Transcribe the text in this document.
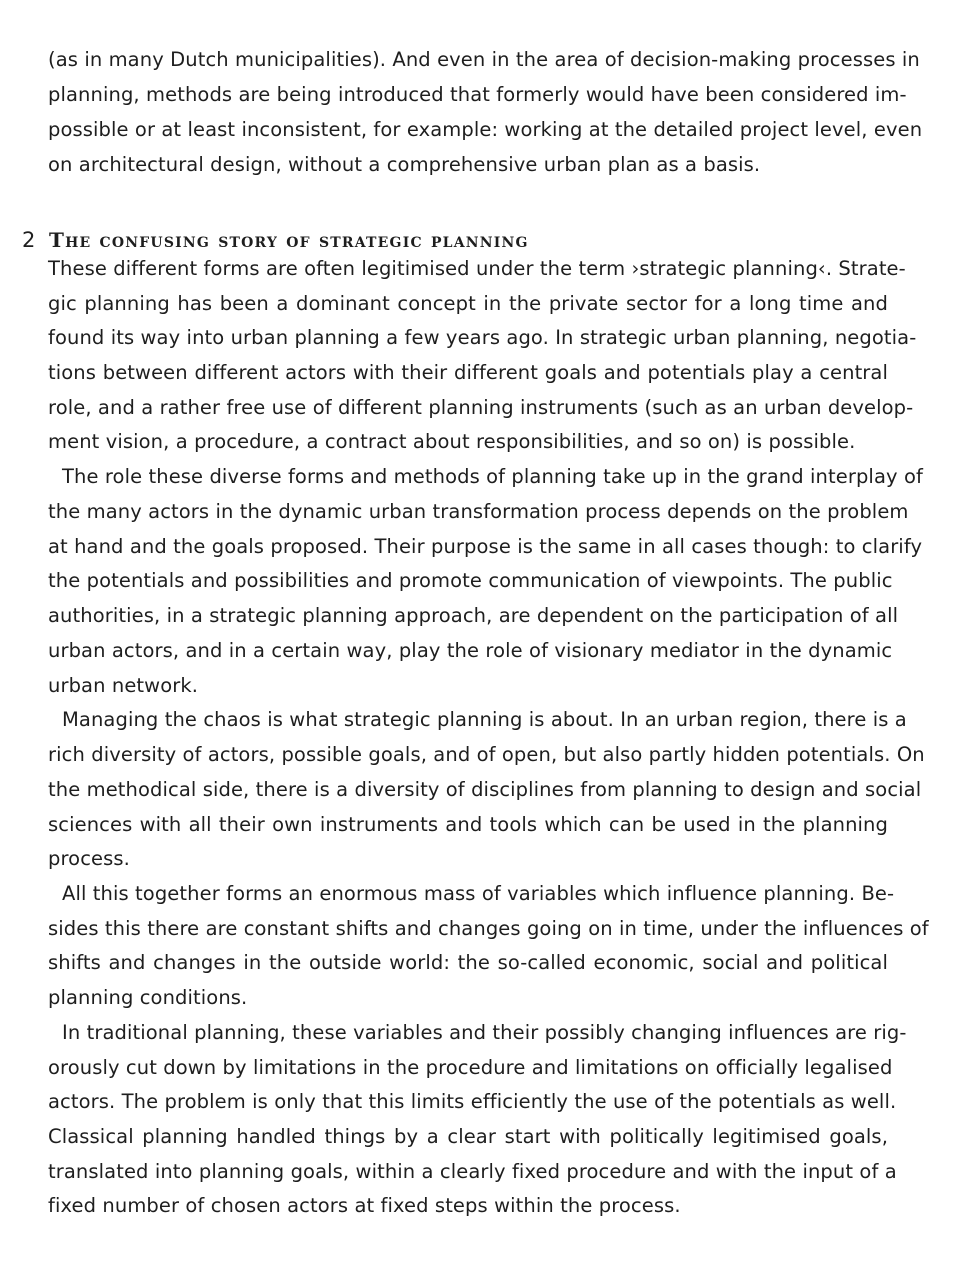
(as in many Dutch municipalities). And even in the area of decision-making processes in
planning, methods are being introduced that formerly would have been considered im-
possible or at least inconsistent, for example: working at the detailed project level, even
on architectural design, without a comprehensive urban plan as a basis.
2 The confusing story of strategic planning
These different forms are often legitimised under the term ›strategic planning‹. Strate-
gic planning has been a dominant concept in the private sector for a long time and
found its way into urban planning a few years ago. In strategic urban planning, negotia-
tions between different actors with their different goals and potentials play a central
role, and a rather free use of different planning instruments (such as an urban develop-
ment vision, a procedure, a contract about responsibilities, and so on) is possible.
The role these diverse forms and methods of planning take up in the grand interplay of
the many actors in the dynamic urban transformation process depends on the problem
at hand and the goals proposed. Their purpose is the same in all cases though: to clarify
the potentials and possibilities and promote communication of viewpoints. The public
authorities, in a strategic planning approach, are dependent on the participation of all
urban actors, and in a certain way, play the role of visionary mediator in the dynamic
urban network.
Managing the chaos is what strategic planning is about. In an urban region, there is a
rich diversity of actors, possible goals, and of open, but also partly hidden potentials. On
the methodical side, there is a diversity of disciplines from planning to design and social
sciences with all their own instruments and tools which can be used in the planning
process.
All this together forms an enormous mass of variables which influence planning. Be-
sides this there are constant shifts and changes going on in time, under the influences of
shifts and changes in the outside world: the so-called economic, social and political
planning conditions.
In traditional planning, these variables and their possibly changing influences are rig-
orously cut down by limitations in the procedure and limitations on officially legalised
actors. The problem is only that this limits efficiently the use of the potentials as well.
Classical planning handled things by a clear start with politically legitimised goals,
translated into planning goals, within a clearly fixed procedure and with the input of a
fixed number of chosen actors at fixed steps within the process.
